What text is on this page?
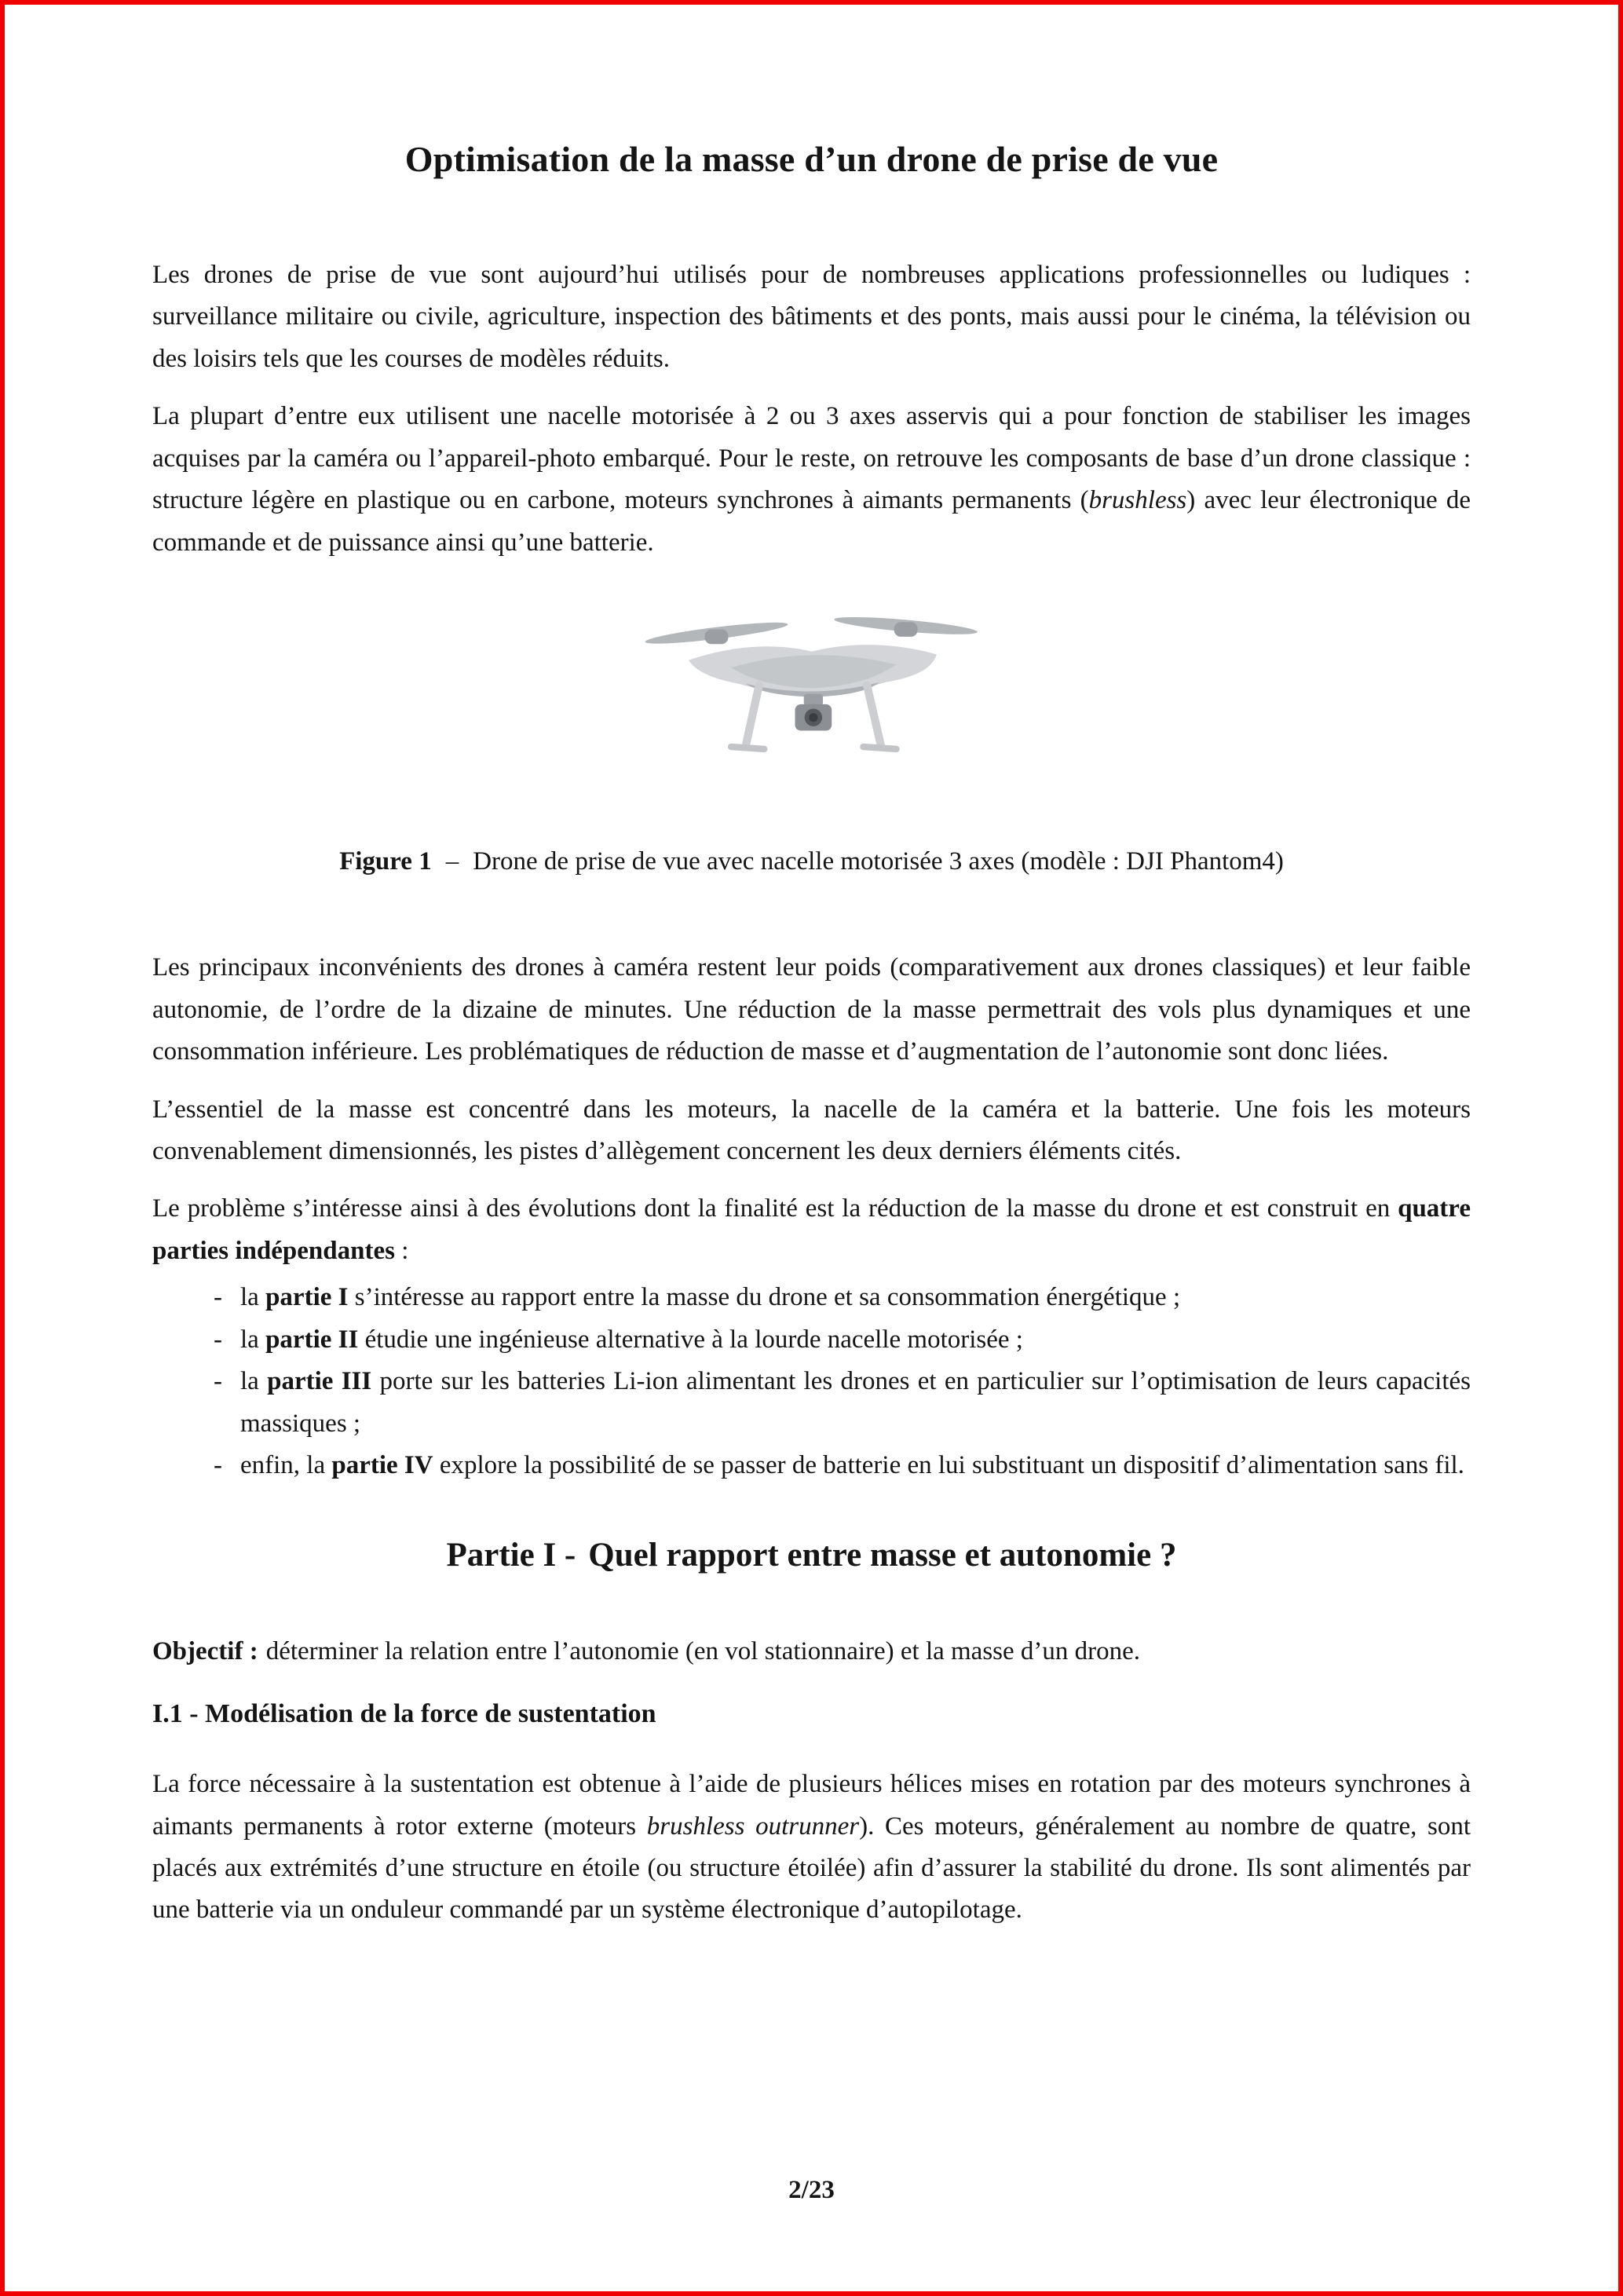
Optimisation de la masse d’un drone de prise de vue

Les drones de prise de vue sont aujourd’hui utilisés pour de nombreuses applications professionnelles ou ludiques : surveillance militaire ou civile, agriculture, inspection des bâtiments et des ponts, mais aussi pour le cinéma, la télévision ou des loisirs tels que les courses de modèles réduits.

La plupart d’entre eux utilisent une nacelle motorisée à 2 ou 3 axes asservis qui a pour fonction de stabiliser les images acquises par la caméra ou l’appareil-photo embarqué. Pour le reste, on retrouve les composants de base d’un drone classique : structure légère en plastique ou en carbone, moteurs synchrones à aimants permanents (brushless) avec leur électronique de commande et de puissance ainsi qu’une batterie.

Figure 1 – Drone de prise de vue avec nacelle motorisée 3 axes (modèle : DJI Phantom4)

Les principaux inconvénients des drones à caméra restent leur poids (comparativement aux drones classiques) et leur faible autonomie, de l’ordre de la dizaine de minutes. Une réduction de la masse permettrait des vols plus dynamiques et une consommation inférieure. Les problématiques de réduction de masse et d’augmentation de l’autonomie sont donc liées.

L’essentiel de la masse est concentré dans les moteurs, la nacelle de la caméra et la batterie. Une fois les moteurs convenablement dimensionnés, les pistes d’allègement concernent les deux derniers éléments cités.

Le problème s’intéresse ainsi à des évolutions dont la finalité est la réduction de la masse du drone et est construit en quatre parties indépendantes :

- la partie I s’intéresse au rapport entre la masse du drone et sa consommation énergétique ;
- la partie II étudie une ingénieuse alternative à la lourde nacelle motorisée ;
- la partie III porte sur les batteries Li-ion alimentant les drones et en particulier sur l’optimisation de leurs capacités massiques ;
- enfin, la partie IV explore la possibilité de se passer de batterie en lui substituant un dispositif d’alimentation sans fil.
Partie I - Quel rapport entre masse et autonomie ?

Objectif : déterminer la relation entre l’autonomie (en vol stationnaire) et la masse d’un drone.

I.1 - Modélisation de la force de sustentation

La force nécessaire à la sustentation est obtenue à l’aide de plusieurs hélices mises en rotation par des moteurs synchrones à aimants permanents à rotor externe (moteurs brushless outrunner). Ces moteurs, généralement au nombre de quatre, sont placés aux extrémités d’une structure en étoile (ou structure étoilée) afin d’assurer la stabilité du drone. Ils sont alimentés par une batterie via un onduleur commandé par un système électronique d’autopilotage.

2/23
